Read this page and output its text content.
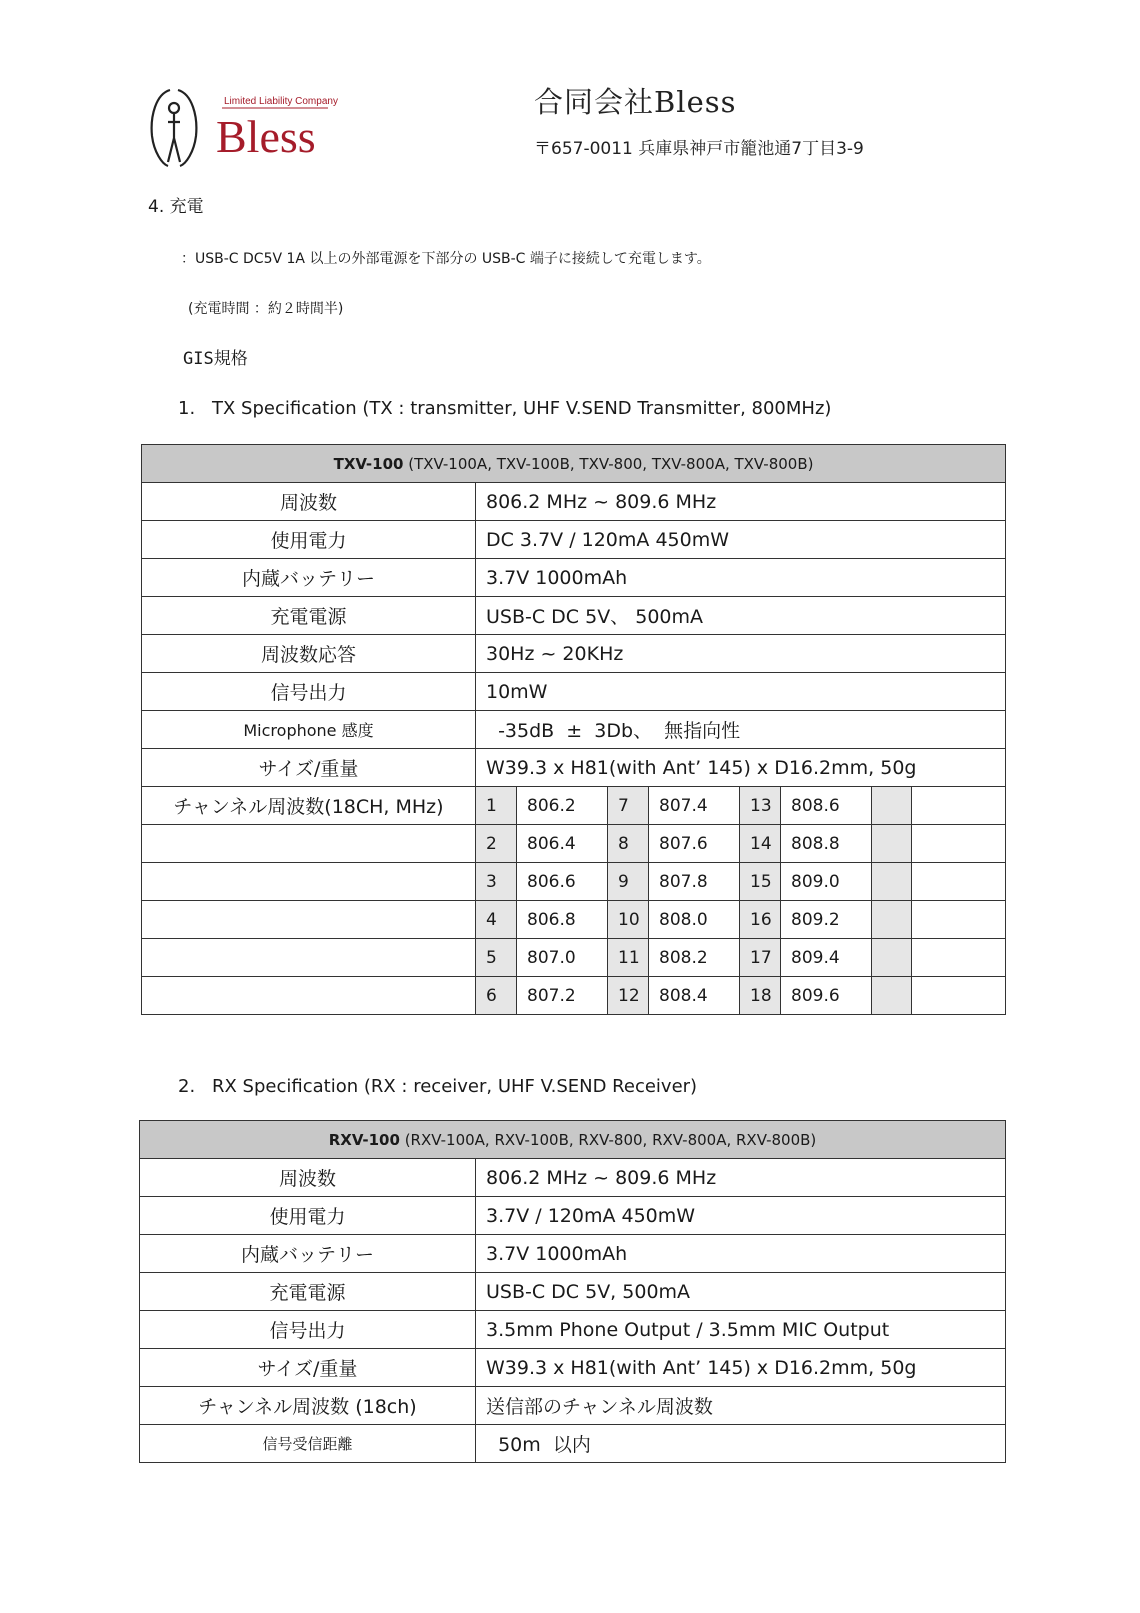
Limited Liability Company
Bless
合同会社Bless
〒657-0011 兵庫県神戸市籠池通7丁目3-9
4. 充電
：USB-C DC5V 1A 以上の外部電源を下部分の USB-C 端子に接続して充電します。
(充電時間 ：約２時間半)
GIS規格
1. TX Specification (TX : transmitter, UHF V.SEND Transmitter, 800MHz)
TXV-100 (TXV-100A, TXV-100B, TXV-800, TXV-800A, TXV-800B)								
周波数	806.2 MHz ~ 809.6 MHz							
使用電力	DC 3.7V / 120mA 450mW							
内蔵バッテリー	3.7V 1000mAh							
充電電源	USB-C DC 5V、 500mA							
周波数応答	30Hz ~ 20KHz							
信号出力	10mW							
Microphone 感度	-35dB  ±  3Db、  無指向性							
サイズ/重量	W39.3 x H81(with Ant’ 145) x D16.2mm, 50g							
チャンネル周波数(18CH, MHz)	1	806.2	7	807.4	13	808.6		
	2	806.4	8	807.6	14	808.8		
	3	806.6	9	807.8	15	809.0		
	4	806.8	10	808.0	16	809.2		
	5	807.0	11	808.2	17	809.4		
	6	807.2	12	808.4	18	809.6		
2. RX Specification (RX : receiver, UHF V.SEND Receiver)
RXV-100 (RXV-100A, RXV-100B, RXV-800, RXV-800A, RXV-800B)	
周波数	806.2 MHz ~ 809.6 MHz
使用電力	3.7V / 120mA 450mW
内蔵バッテリー	3.7V 1000mAh
充電電源	USB-C DC 5V, 500mA
信号出力	3.5mm Phone Output / 3.5mm MIC Output
サイズ/重量	W39.3 x H81(with Ant’ 145) x D16.2mm, 50g
チャンネル周波数 (18ch)	送信部のチャンネル周波数
信号受信距離	50m  以内
